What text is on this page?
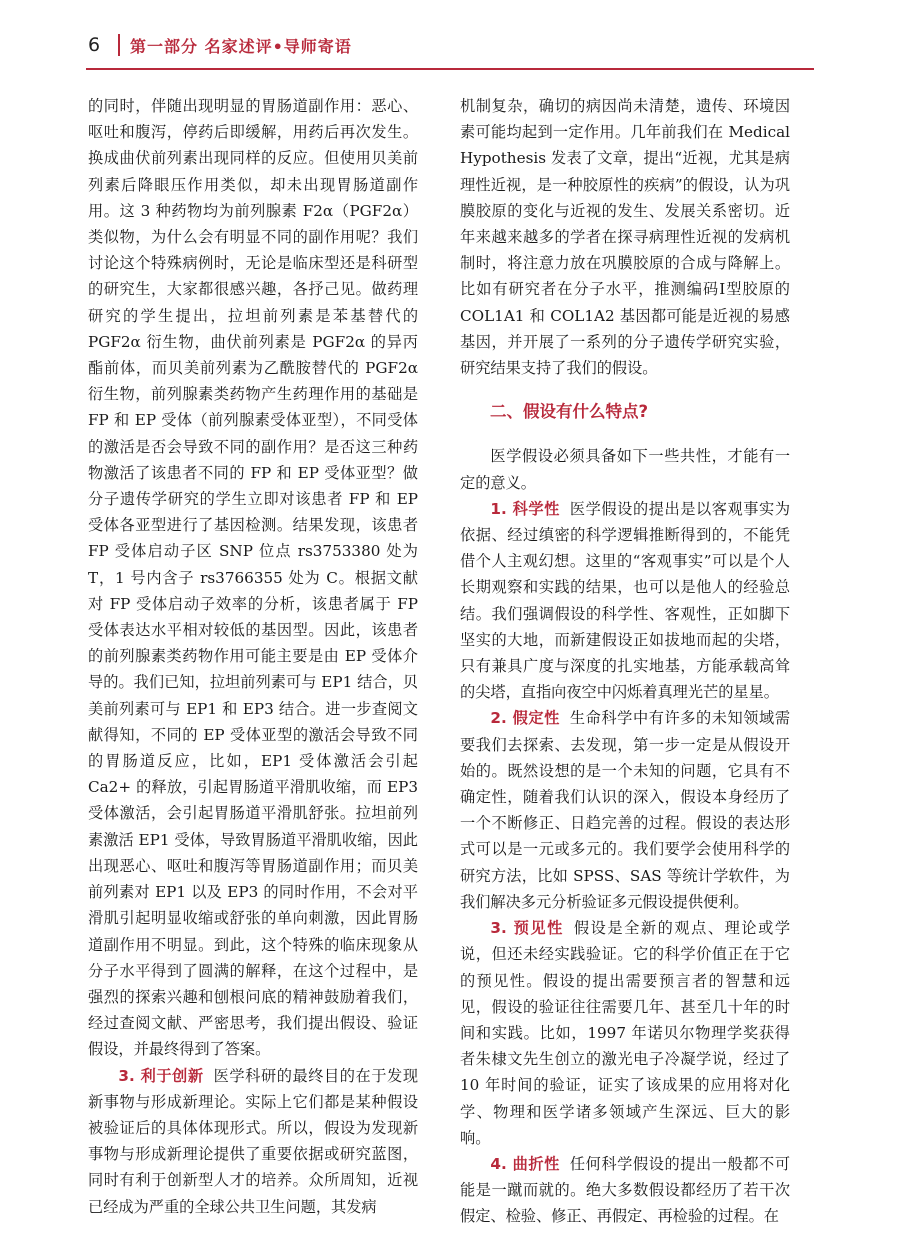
6 第一部分 名家述评•导师寄语

的同时，伴随出现明显的胃肠道副作用：恶心、呕吐和腹泻，停药后即缓解，用药后再次发生。换成曲伏前列素出现同样的反应。但使用贝美前列素后降眼压作用类似，却未出现胃肠道副作用。这 3 种药物均为前列腺素 F2α（PGF2α）类似物，为什么会有明显不同的副作用呢？我们讨论这个特殊病例时，无论是临床型还是科研型的研究生，大家都很感兴趣，各抒己见。做药理研究的学生提出，拉坦前列素是苯基替代的 PGF2α 衍生物，曲伏前列素是 PGF2α 的异丙酯前体，而贝美前列素为乙酰胺替代的 PGF2α 衍生物，前列腺素类药物产生药理作用的基础是 FP 和 EP 受体（前列腺素受体亚型），不同受体的激活是否会导致不同的副作用？是否这三种药物激活了该患者不同的 FP 和 EP 受体亚型？做分子遗传学研究的学生立即对该患者 FP 和 EP 受体各亚型进行了基因检测。结果发现，该患者 FP 受体启动子区 SNP 位点 rs3753380 处为 T，1 号内含子 rs3766355 处为 C。根据文献对 FP 受体启动子效率的分析，该患者属于 FP 受体表达水平相对较低的基因型。因此，该患者的前列腺素类药物作用可能主要是由 EP 受体介导的。我们已知，拉坦前列素可与 EP1 结合，贝美前列素可与 EP1 和 EP3 结合。进一步查阅文献得知，不同的 EP 受体亚型的激活会导致不同的胃肠道反应，比如，EP1 受体激活会引起 Ca2+ 的释放，引起胃肠道平滑肌收缩，而 EP3 受体激活，会引起胃肠道平滑肌舒张。拉坦前列素激活 EP1 受体，导致胃肠道平滑肌收缩，因此出现恶心、呕吐和腹泻等胃肠道副作用；而贝美前列素对 EP1 以及 EP3 的同时作用，不会对平滑肌引起明显收缩或舒张的单向刺激，因此胃肠道副作用不明显。到此，这个特殊的临床现象从分子水平得到了圆满的解释，在这个过程中，是强烈的探索兴趣和刨根问底的精神鼓励着我们，经过查阅文献、严密思考，我们提出假设、验证假设，并最终得到了答案。

3. 利于创新 医学科研的最终目的在于发现新事物与形成新理论。实际上它们都是某种假设被验证后的具体体现形式。所以，假设为发现新事物与形成新理论提供了重要依据或研究蓝图，同时有利于创新型人才的培养。众所周知，近视已经成为严重的全球公共卫生问题，其发病

机制复杂，确切的病因尚未清楚，遗传、环境因素可能均起到一定作用。几年前我们在 Medical Hypothesis 发表了文章，提出“近视，尤其是病理性近视，是一种胶原性的疾病”的假设，认为巩膜胶原的变化与近视的发生、发展关系密切。近年来越来越多的学者在探寻病理性近视的发病机制时，将注意力放在巩膜胶原的合成与降解上。比如有研究者在分子水平，推测编码Ⅰ型胶原的 COL1A1 和 COL1A2 基因都可能是近视的易感基因，并开展了一系列的分子遗传学研究实验，研究结果支持了我们的假设。

二、假设有什么特点?

医学假设必须具备如下一些共性，才能有一定的意义。

1. 科学性 医学假设的提出是以客观事实为依据、经过缜密的科学逻辑推断得到的，不能凭借个人主观幻想。这里的“客观事实”可以是个人长期观察和实践的结果，也可以是他人的经验总结。我们强调假设的科学性、客观性，正如脚下坚实的大地，而新建假设正如拔地而起的尖塔，只有兼具广度与深度的扎实地基，方能承载高耸的尖塔，直指向夜空中闪烁着真理光芒的星星。

2. 假定性 生命科学中有许多的未知领域需要我们去探索、去发现，第一步一定是从假设开始的。既然设想的是一个未知的问题，它具有不确定性，随着我们认识的深入，假设本身经历了一个不断修正、日趋完善的过程。假设的表达形式可以是一元或多元的。我们要学会使用科学的研究方法，比如 SPSS、SAS 等统计学软件，为我们解决多元分析验证多元假设提供便利。

3. 预见性 假设是全新的观点、理论或学说，但还未经实践验证。它的科学价值正在于它的预见性。假设的提出需要预言者的智慧和远见，假设的验证往往需要几年、甚至几十年的时间和实践。比如，1997 年诺贝尔物理学奖获得者朱棣文先生创立的激光电子冷凝学说，经过了 10 年时间的验证，证实了该成果的应用将对化学、物理和医学诸多领域产生深远、巨大的影响。

4. 曲折性 任何科学假设的提出一般都不可能是一蹴而就的。绝大多数假设都经历了若干次假定、检验、修正、再假定、再检验的过程。在
